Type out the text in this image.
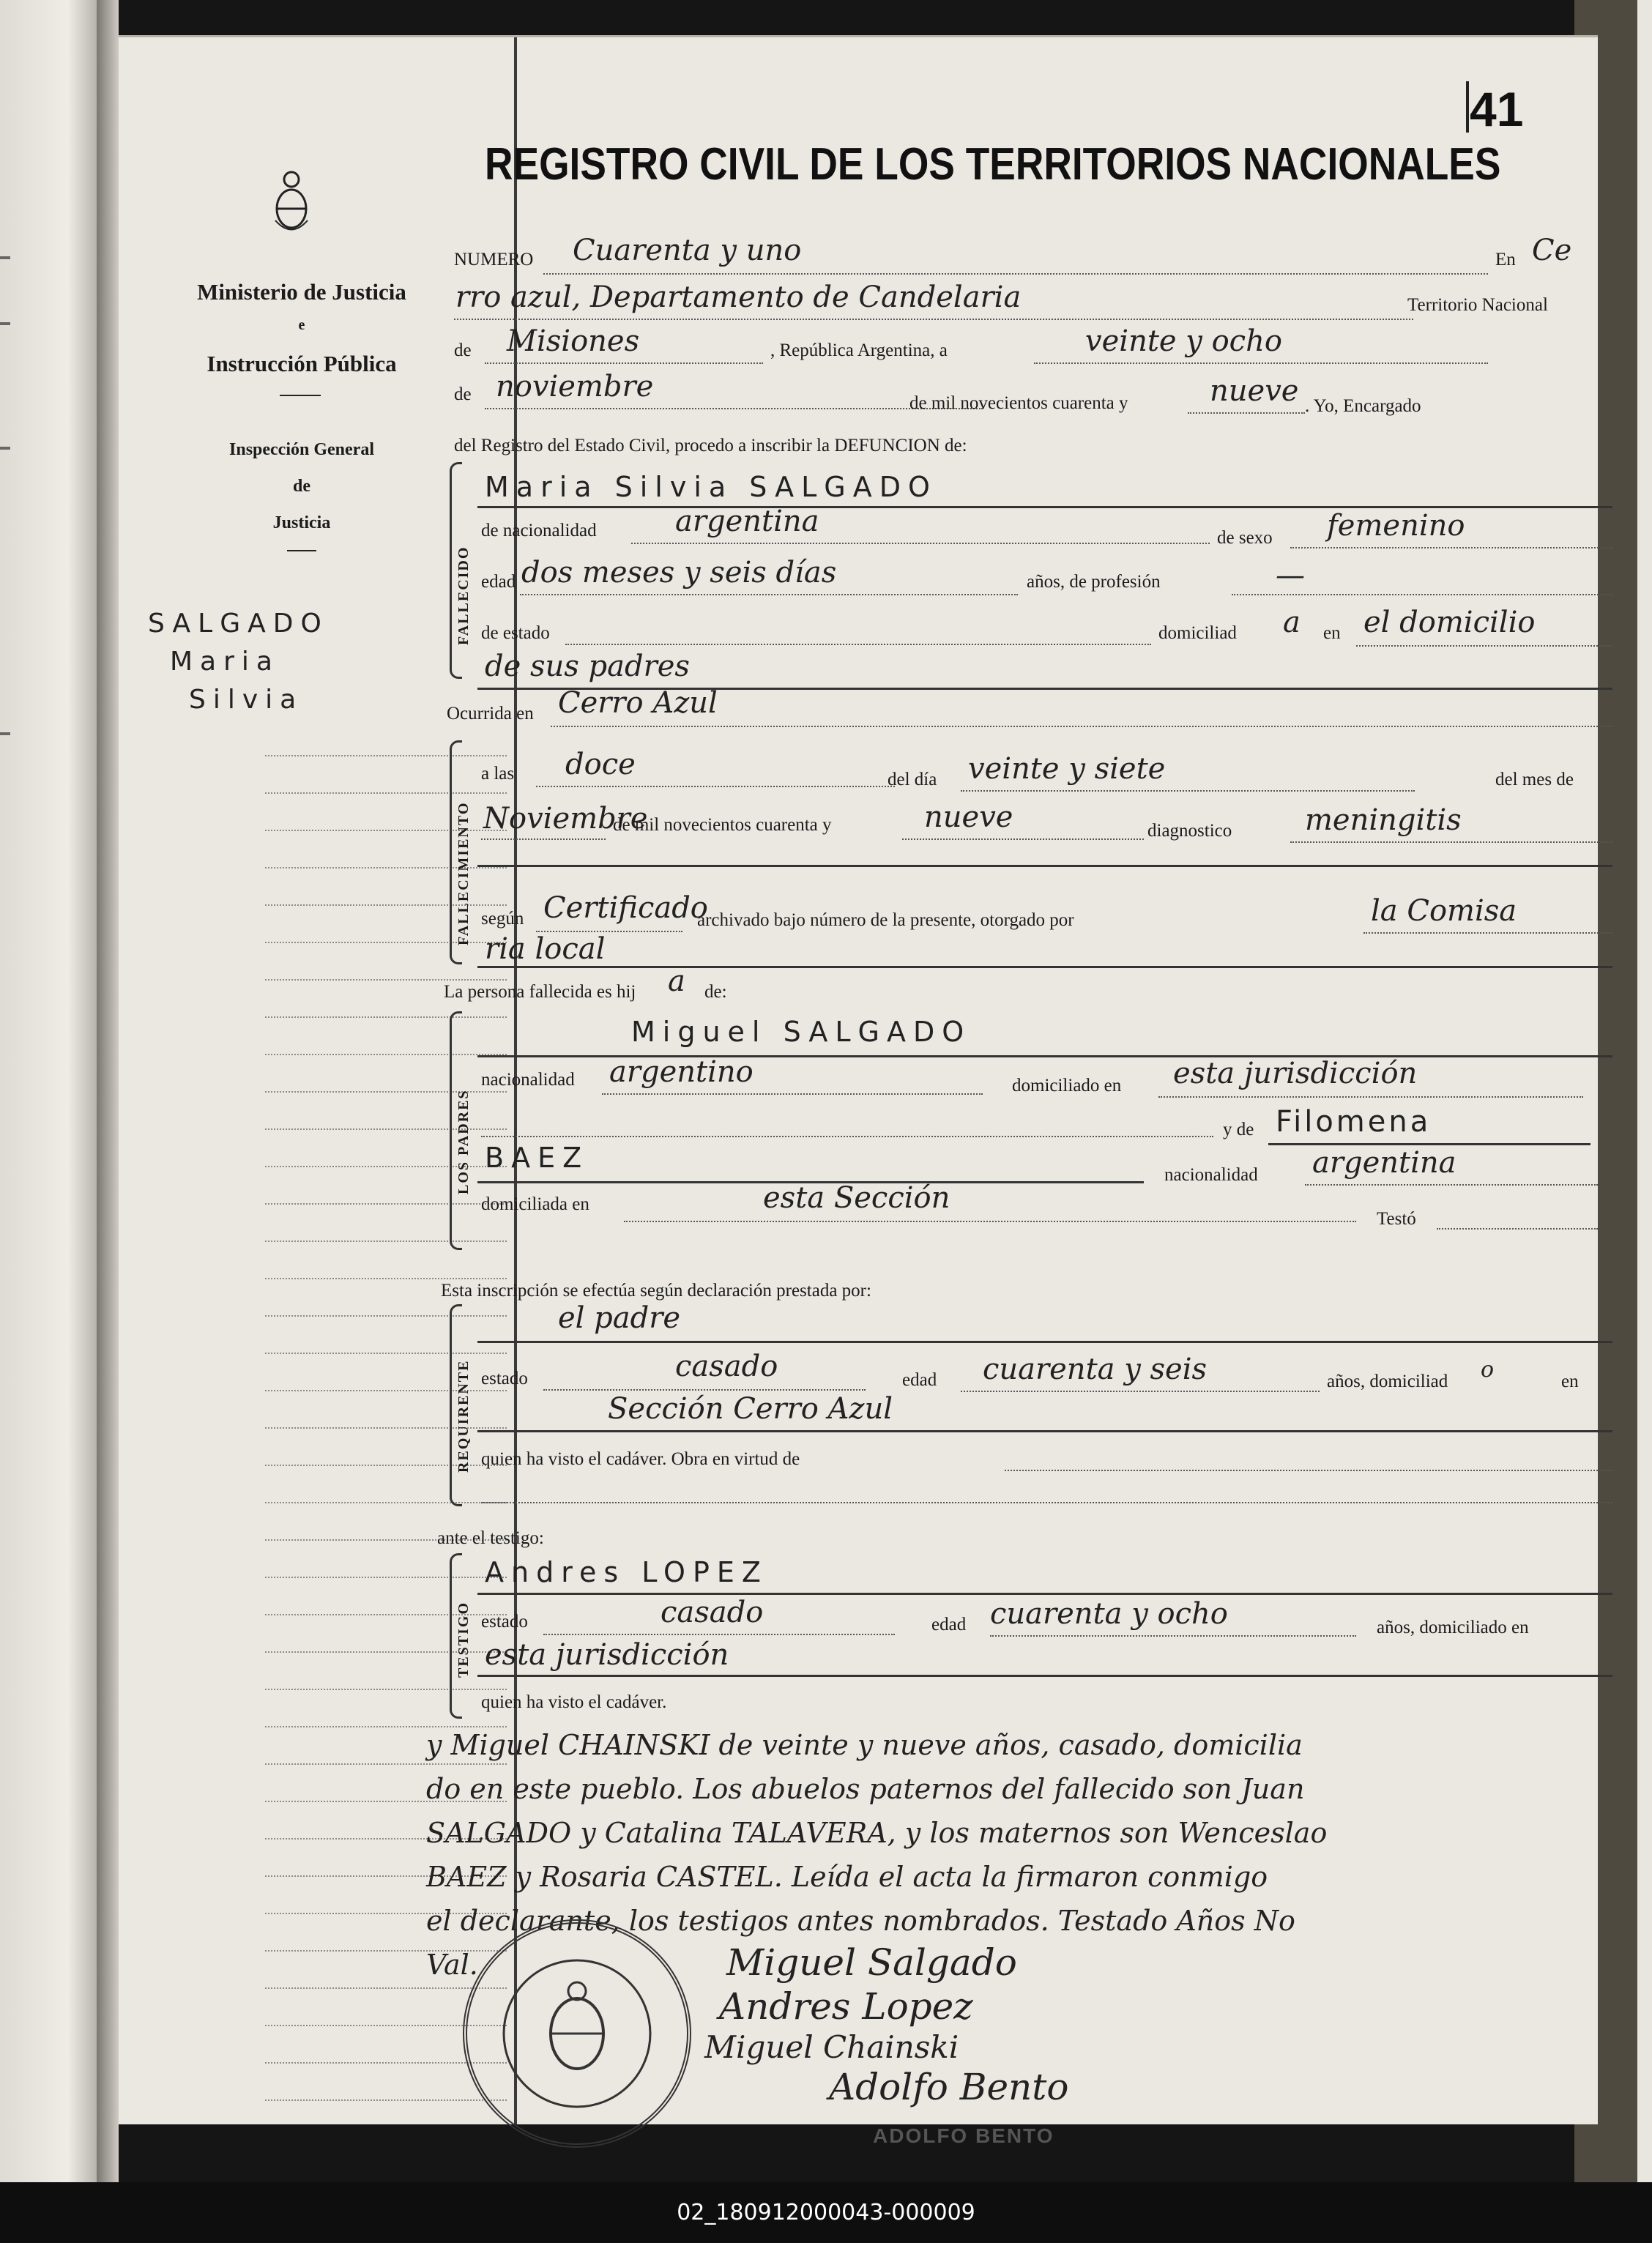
Ministerio de Justicia
e
Instrucción Pública
Inspección General
de
Justicia
SALGADO
Maria
Silvia
41
REGISTRO CIVIL DE LOS TERRITORIOS NACIONALES
NUMERO Cuarenta y uno	En Ce
rro azul, Departamento de Candelaria	Territorio Nacional
de Misiones	, República Argentina, a	veinte y ocho
de noviembre	de mil novecientos cuarenta y	nueve . Yo, Encargado
del Registro del Estado Civil, procedo a inscribir la DEFUNCION de:
FALLECIDO
Maria Silvia SALGADO
de nacionalidad	argentina	de sexo femenino
edad dos meses y seis días	años, de profesión	—
de estado	domiciliad a en el domicilio
de sus padres
Ocurrida en Cerro Azul
FALLECIMIENTO
a las doce	del día veinte y siete	del mes de
Noviembre
de mil novecientos cuarenta y	nueve	diagnostico meningitis
según Certificado
archivado bajo número de la presente, otorgado por	la Comisa
ria local
La persona fallecida es hij a de:
LOS PADRES
Miguel SALGADO
nacionalidad argentino	domiciliado en esta jurisdicción
y de Filomena
BAEZ
nacionalidad argentina
domiciliada en	esta Sección
Testó
Esta inscripción se efectúa según declaración prestada por:
REQUIRENTE
el padre
estado	casado	edad cuarenta y seis	años, domiciliad o	en
Sección Cerro Azul
quien ha visto el cadáver. Obra en virtud de
ante el testigo:
TESTIGO
Andres LOPEZ
estado	casado	edad cuarenta y ocho	años, domiciliado en
esta jurisdicción
quien ha visto el cadáver.
y Miguel CHAINSKI de veinte y nueve años, casado, domicilia
do en este pueblo. Los abuelos paternos del fallecido son Juan
SALGADO y Catalina TALAVERA, y los maternos son Wenceslao
BAEZ y Rosaria CASTEL. Leída el acta la firmaron conmigo
el declarante, los testigos antes nombrados. Testado Años No
Val.	Miguel Salgado
Andres Lopez
Miguel Chainski
Adolfo Bento
ADOLFO BENTO
02_180912000043-000009
